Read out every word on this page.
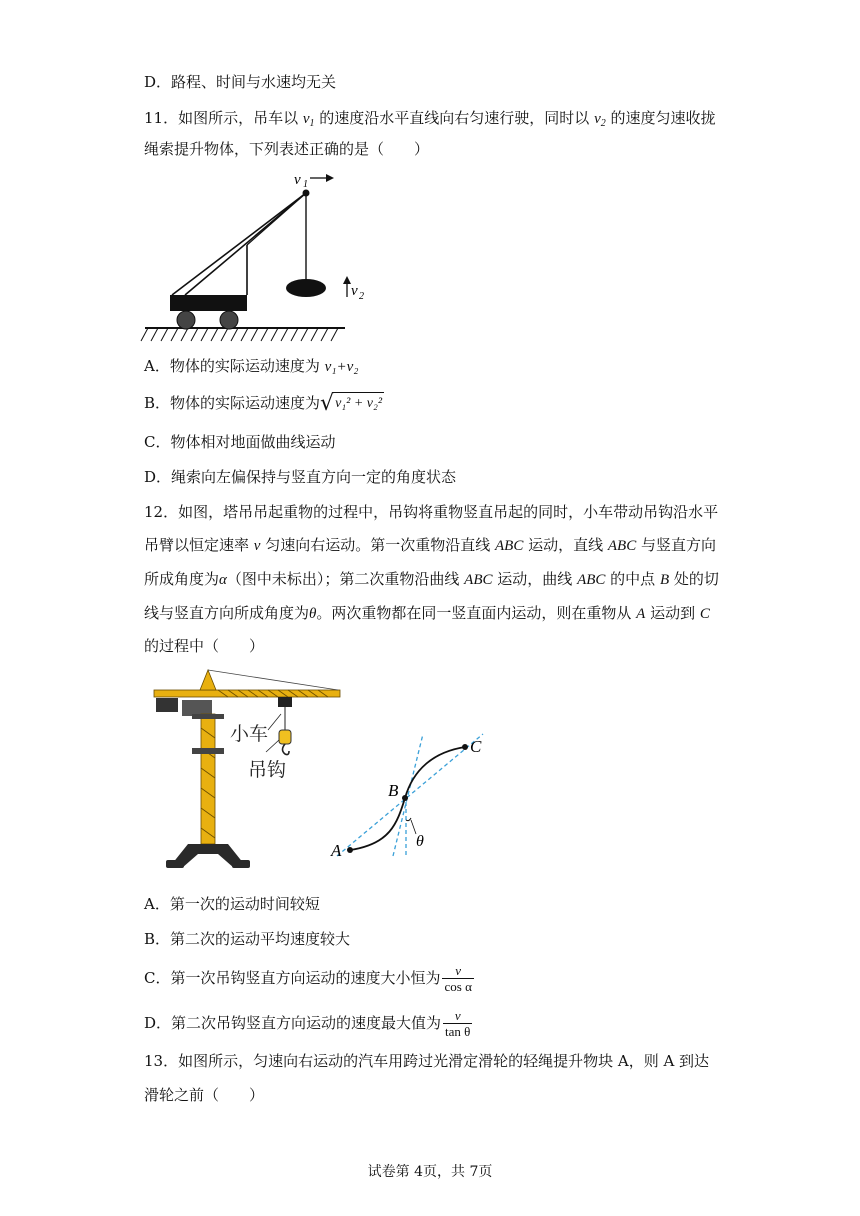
D．路程、时间与水速均无关
11．如图所示，吊车以 $v_1$ 的速度沿水平直线向右匀速行驶，同时以 $v_2$ 的速度匀速收拢
绳索提升物体，下列表述正确的是（　　）
v 1
v 2
A．物体的实际运动速度为 v₁+v₂
B．物体的实际运动速度为 √ v₁² + v₂²
C．物体相对地面做曲线运动
D．绳索向左偏保持与竖直方向一定的角度状态
12．如图，塔吊吊起重物的过程中，吊钩将重物竖直吊起的同时，小车带动吊钩沿水平
吊臂以恒定速率 v 匀速向右运动。第一次重物沿直线 ABC 运动，直线 ABC 与竖直方向
所成角度为α（图中未标出）；第二次重物沿曲线 ABC 运动，曲线 ABC 的中点 B 处的切
线与竖直方向所成角度为θ。两次重物都在同一竖直面内运动，则在重物从 A 运动到 C
的过程中（　　）
小车
吊钩
A
B
C
θ
A．第一次的运动时间较短
B．第二次的运动平均速度较大
C．第一次吊钩竖直方向运动的速度大小恒为 $\frac{v}{\text{cos α}}$
D．第二次吊钩竖直方向运动的速度最大值为 $\frac{v}{\text{tan θ}}$
13．如图所示，匀速向右运动的汽车用跨过光滑定滑轮的轻绳提升物块 A，则 A 到达
滑轮之前（　　）
试卷第 4页，共 7页
